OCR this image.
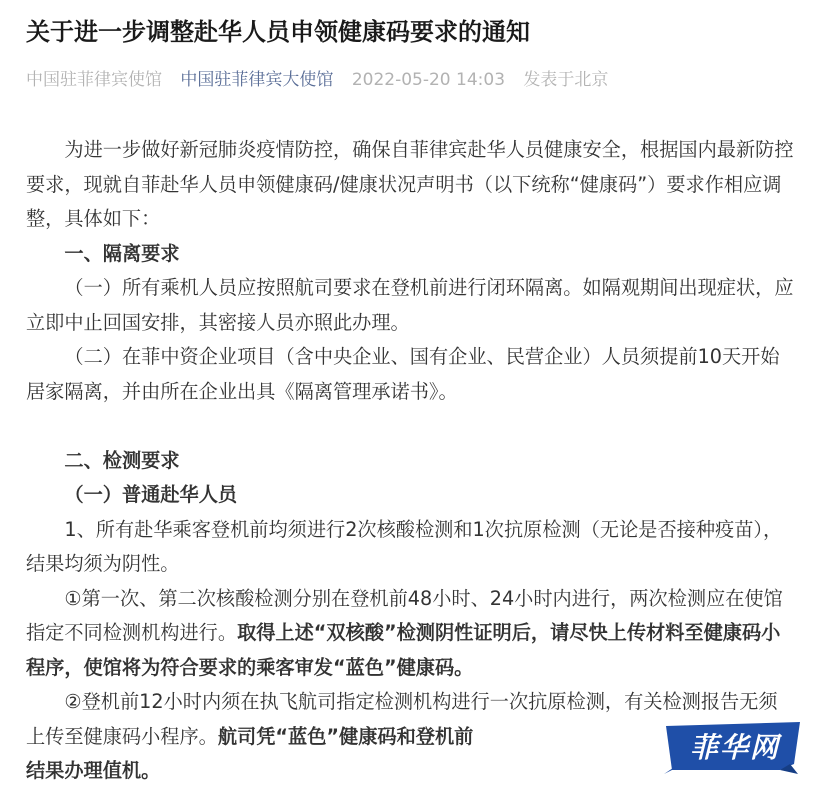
关于进一步调整赴华人员申领健康码要求的通知
中国驻菲律宾使馆 中国驻菲律宾大使馆 2022-05-20 14:03 发表于北京

为进一步做好新冠肺炎疫情防控，确保自菲律宾赴华人员健康安全，根据国内最新防控要求，现就自菲赴华人员申领健康码/健康状况声明书（以下统称“健康码”）要求作相应调整，具体如下：

一、隔离要求

（一）所有乘机人员应按照航司要求在登机前进行闭环隔离。如隔观期间出现症状，应立即中止回国安排，其密接人员亦照此办理。

（二）在菲中资企业项目（含中央企业、国有企业、民营企业）人员须提前10天开始居家隔离，并由所在企业出具《隔离管理承诺书》。

二、检测要求

（一）普通赴华人员

1、所有赴华乘客登机前均须进行2次核酸检测和1次抗原检测（无论是否接种疫苗），结果均须为阴性。

①第一次、第二次核酸检测分别在登机前48小时、24小时内进行，两次检测应在使馆指定不同检测机构进行。取得上述“双核酸”检测阴性证明后，请尽快上传材料至健康码小程序，使馆将为符合要求的乘客审发“蓝色”健康码。

②登机前12小时内须在执飞航司指定检测机构进行一次抗原检测，有关检测报告无须上传至健康码小程序。航司凭“蓝色”健康码和登机前

结果办理值机。

菲华网
